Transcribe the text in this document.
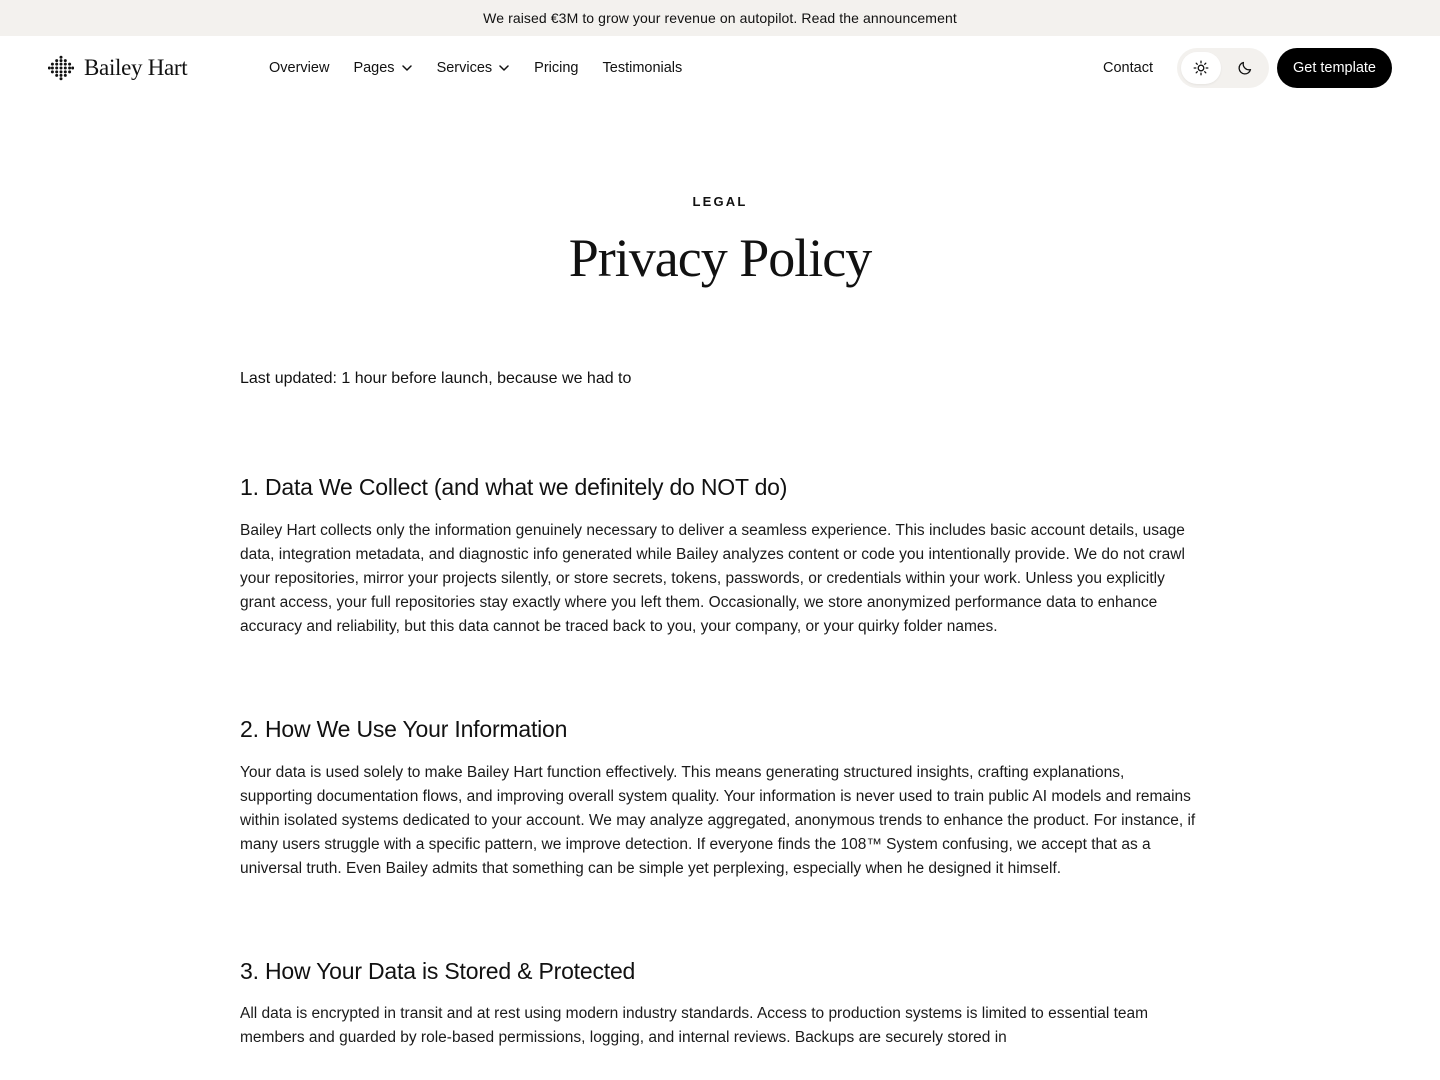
We raised €3M to grow your revenue on autopilot. Read the announcement
Bailey Hart	Overview Pages	Services	Pricing Testimonials	Contact	Get template
LEGAL
Privacy Policy

Last updated: 1 hour before launch, because we had to

1. Data We Collect (and what we definitely do NOT do)

Bailey Hart collects only the information genuinely necessary to deliver a seamless experience. This includes basic account details, usage data, integration metadata, and diagnostic info generated while Bailey analyzes content or code you intentionally provide. We do not crawl your repositories, mirror your projects silently, or store secrets, tokens, passwords, or credentials within your work. Unless you explicitly grant access, your full repositories stay exactly where you left them. Occasionally, we store anonymized performance data to enhance accuracy and reliability, but this data cannot be traced back to you, your company, or your quirky folder names.

2. How We Use Your Information

Your data is used solely to make Bailey Hart function effectively. This means generating structured insights, crafting explanations, supporting documentation flows, and improving overall system quality. Your information is never used to train public AI models and remains within isolated systems dedicated to your account. We may analyze aggregated, anonymous trends to enhance the product. For instance, if many users struggle with a specific pattern, we improve detection. If everyone finds the 108™ System confusing, we accept that as a universal truth. Even Bailey admits that something can be simple yet perplexing, especially when he designed it himself.

3. How Your Data is Stored & Protected

All data is encrypted in transit and at rest using modern industry standards. Access to production systems is limited to essential team members and guarded by role-based permissions, logging, and internal reviews. Backups are securely stored in
